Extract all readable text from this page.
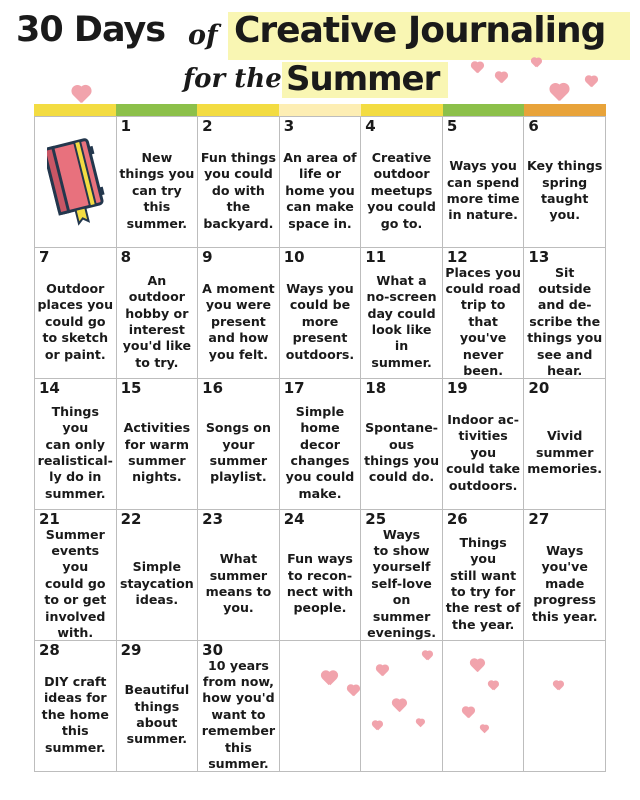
30 Days of Creative Journaling
for the Summer
1
New
things you
can try
this
summer.
2
Fun things
you could
do with
the
backyard.
3
An area of
life or
home you
can make
space in.
4
Creative
outdoor
meetups
you could
go to.
5
Ways you
can spend
more time
in nature.
6
Key things
spring
taught
you.
7
Outdoor
places you
could go
to sketch
or paint.
8
An
outdoor
hobby or
interest
you'd like
to try.
9
A moment
you were
present
and how
you felt.
10
Ways you
could be
more
present
outdoors.
11
What a
no-screen
day could
look like in
summer.
12
Places you
could road
trip to that
you've
never
been.
13
Sit outside
and de-
scribe the
things you
see and
hear.
14
Things you
can only
realistical-
ly do in
summer.
15
Activities
for warm
summer
nights.
16
Songs on
your
summer
playlist.
17
Simple
home
decor
changes
you could
make.
18
Spontane-
ous
things you
could do.
19
Indoor ac-
tivities you
could take
outdoors.
20
Vivid
summer
memories.
21
Summer
events you
could go
to or get
involved
with.
22
Simple
staycation
ideas.
23
What
summer
means to
you.
24
Fun ways
to recon-
nect with
people.
25
Ways
to show
yourself
self-love
on
summer
evenings.
26
Things you
still want
to try for
the rest of
the year.
27
Ways
you've
made
progress
this year.
28
DIY craft
ideas for
the home
this
summer.
29
Beautiful
things
about
summer.
30
10 years
from now,
how you'd
want to
remember
this
summer.
